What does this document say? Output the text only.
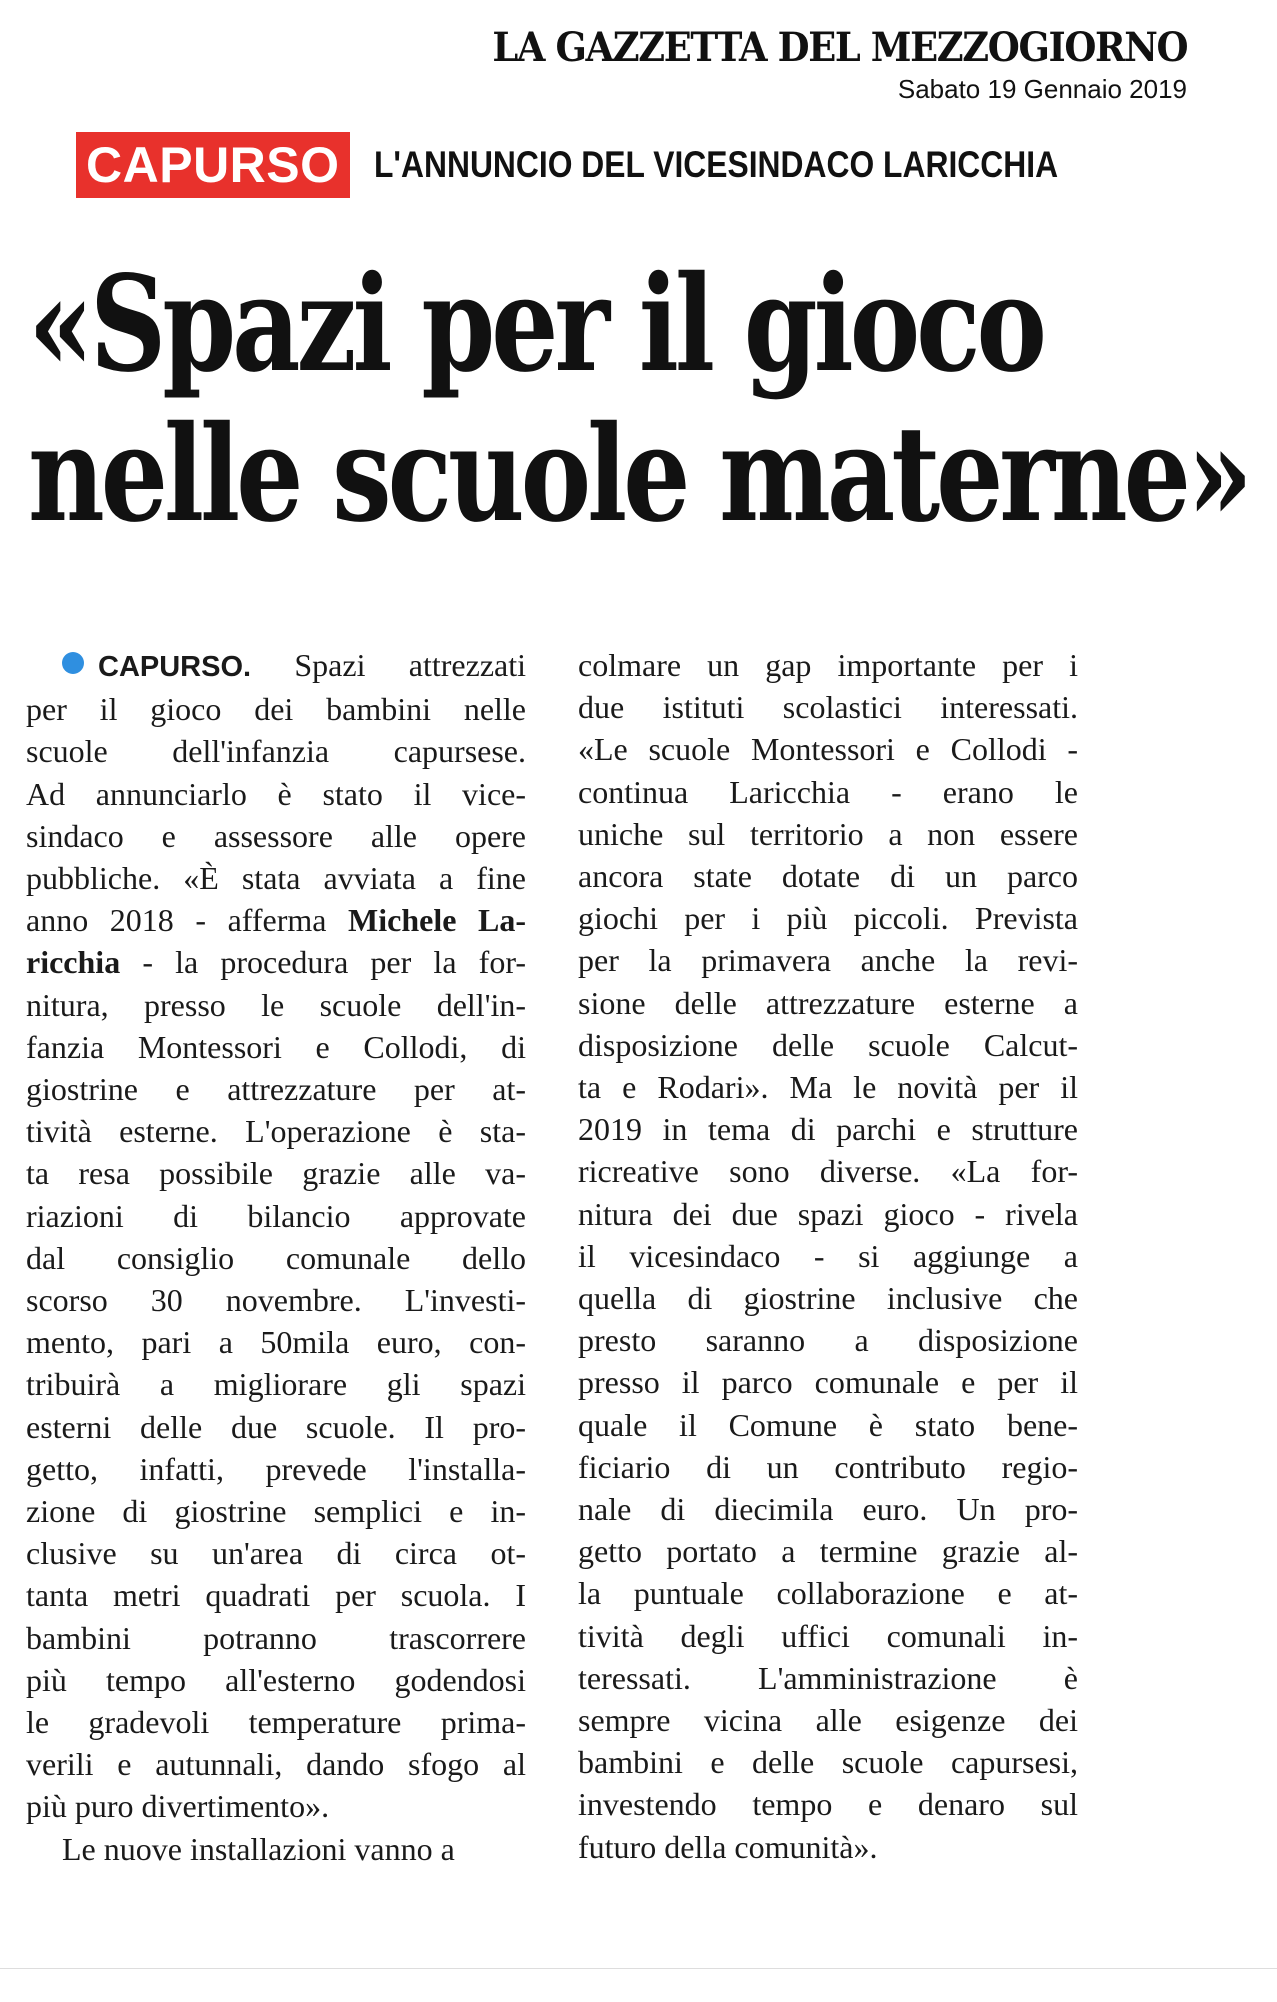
LA GAZZETTA DEL MEZZOGIORNO
Sabato 19 Gennaio 2019
CAPURSO L'ANNUNCIO DEL VICESINDACO LARICCHIA
«Spazi per il gioco
nelle scuole materne»
CAPURSO. Spazi attrezzati
per il gioco dei bambini nelle
scuole dell'infanzia capursese.
Ad annunciarlo è stato il vice-
sindaco e assessore alle opere
pubbliche. «È stata avviata a fine
anno 2018 - afferma Michele La-
ricchia - la procedura per la for-
nitura, presso le scuole dell'in-
fanzia Montessori e Collodi, di
giostrine e attrezzature per at-
tività esterne. L'operazione è sta-
ta resa possibile grazie alle va-
riazioni di bilancio approvate
dal consiglio comunale dello
scorso 30 novembre. L'investi-
mento, pari a 50mila euro, con-
tribuirà a migliorare gli spazi
esterni delle due scuole. Il pro-
getto, infatti, prevede l'installa-
zione di giostrine semplici e in-
clusive su un'area di circa ot-
tanta metri quadrati per scuola. I
bambini potranno trascorrere
più tempo all'esterno godendosi
le gradevoli temperature prima-
verili e autunnali, dando sfogo al
più puro divertimento».
Le nuove installazioni vanno a
colmare un gap importante per i
due istituti scolastici interessati.
«Le scuole Montessori e Collodi -
continua Laricchia - erano le
uniche sul territorio a non essere
ancora state dotate di un parco
giochi per i più piccoli. Prevista
per la primavera anche la revi-
sione delle attrezzature esterne a
disposizione delle scuole Calcut-
ta e Rodari». Ma le novità per il
2019 in tema di parchi e strutture
ricreative sono diverse. «La for-
nitura dei due spazi gioco - rivela
il vicesindaco - si aggiunge a
quella di giostrine inclusive che
presto saranno a disposizione
presso il parco comunale e per il
quale il Comune è stato bene-
ficiario di un contributo regio-
nale di diecimila euro. Un pro-
getto portato a termine grazie al-
la puntuale collaborazione e at-
tività degli uffici comunali in-
teressati. L'amministrazione è
sempre vicina alle esigenze dei
bambini e delle scuole capursesi,
investendo tempo e denaro sul
futuro della comunità».
